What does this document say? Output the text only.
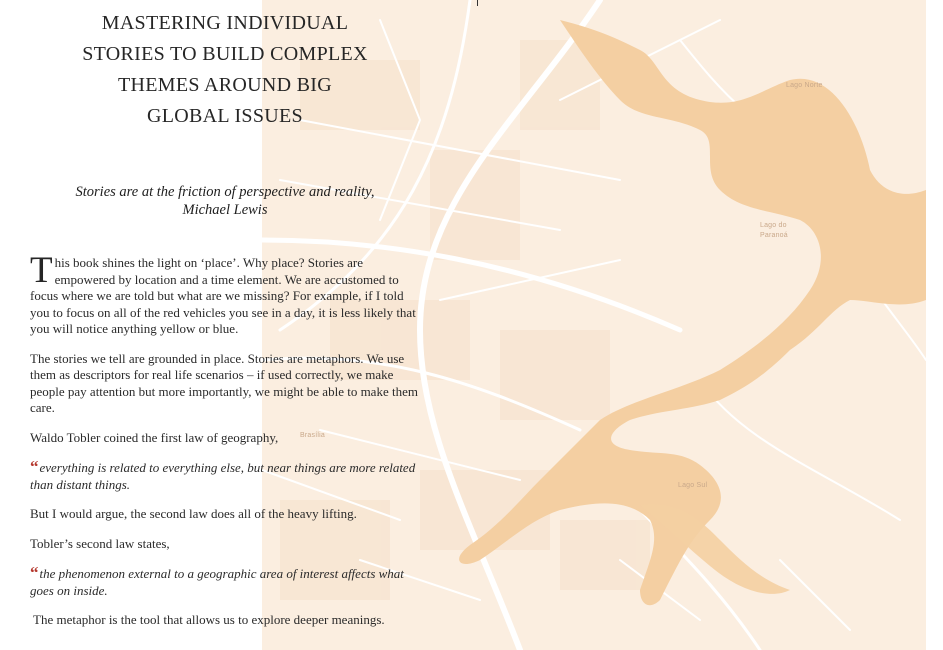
Lago Norte
Lago do
Paranoá
Lago Sul
Brasília
MASTERING INDIVIDUAL
STORIES TO BUILD COMPLEX
THEMES AROUND BIG
GLOBAL ISSUES
Stories are at the friction of perspective and reality,
Michael Lewis

This book shines the light on ‘place’. Why place? Stories are empowered by location and a time element. We are accustomed to focus where we are told but what are we missing? For example, if I told you to focus on all of the red vehicles you see in a day, it is less likely that you will notice anything yellow or blue.

The stories we tell are grounded in place. Stories are metaphors. We use them as descriptors for real life scenarios – if used correctly, we make people pay attention but more importantly, we might be able to make them care.

Waldo Tobler coined the first law of geography,

“everything is related to everything else, but near things are more related than distant things.

But I would argue, the second law does all of the heavy lifting.

Tobler’s second law states,

“the phenomenon external to a geographic area of interest affects what goes on inside.

The metaphor is the tool that allows us to explore deeper meanings.
